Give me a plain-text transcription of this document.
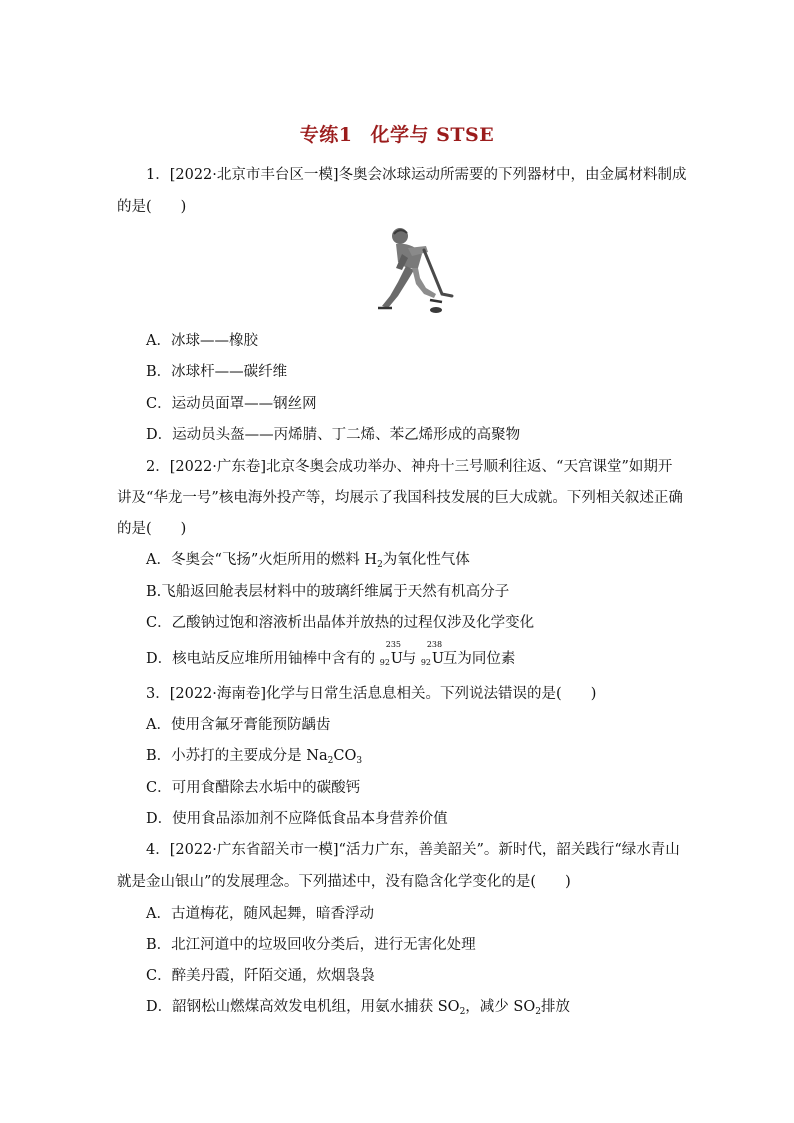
专练1 化学与 STSE
1．[2022·北京市丰台区一模]冬奥会冰球运动所需要的下列器材中，由金属材料制成
的是(　　)
A．冰球——橡胶
B．冰球杆——碳纤维
C．运动员面罩——钢丝网
D．运动员头盔——丙烯腈、丁二烯、苯乙烯形成的高聚物
2．[2022·广东卷]北京冬奥会成功举办、神舟十三号顺利往返、“天宫课堂”如期开
讲及“华龙一号”核电海外投产等，均展示了我国科技发展的巨大成就。下列相关叙述正确
的是(　　)
A．冬奥会“飞扬”火炬所用的燃料 $H_2$为氧化性气体
B.飞船返回舱表层材料中的玻璃纤维属于天然有机高分子
C．乙酸钠过饱和溶液析出晶体并放热的过程仅涉及化学变化
D．核电站反应堆所用铀棒中含有的
235
92 U
与
238
92 U
互为同位素
3．[2022·海南卷]化学与日常生活息息相关。下列说法错误的是(　　)
A．使用含氟牙膏能预防龋齿
B．小苏打的主要成分是 $Na_2CO_3$
C．可用食醋除去水垢中的碳酸钙
D．使用食品添加剂不应降低食品本身营养价值
4．[2022·广东省韶关市一模]“活力广东，善美韶关”。新时代，韶关践行“绿水青山
就是金山银山”的发展理念。下列描述中，没有隐含化学变化的是(　　)
A．古道梅花，随风起舞，暗香浮动
B．北江河道中的垃圾回收分类后，进行无害化处理
C．醉美丹霞，阡陌交通，炊烟袅袅
D．韶钢松山燃煤高效发电机组，用氨水捕获 $SO_2$，减少 $SO_2$排放
